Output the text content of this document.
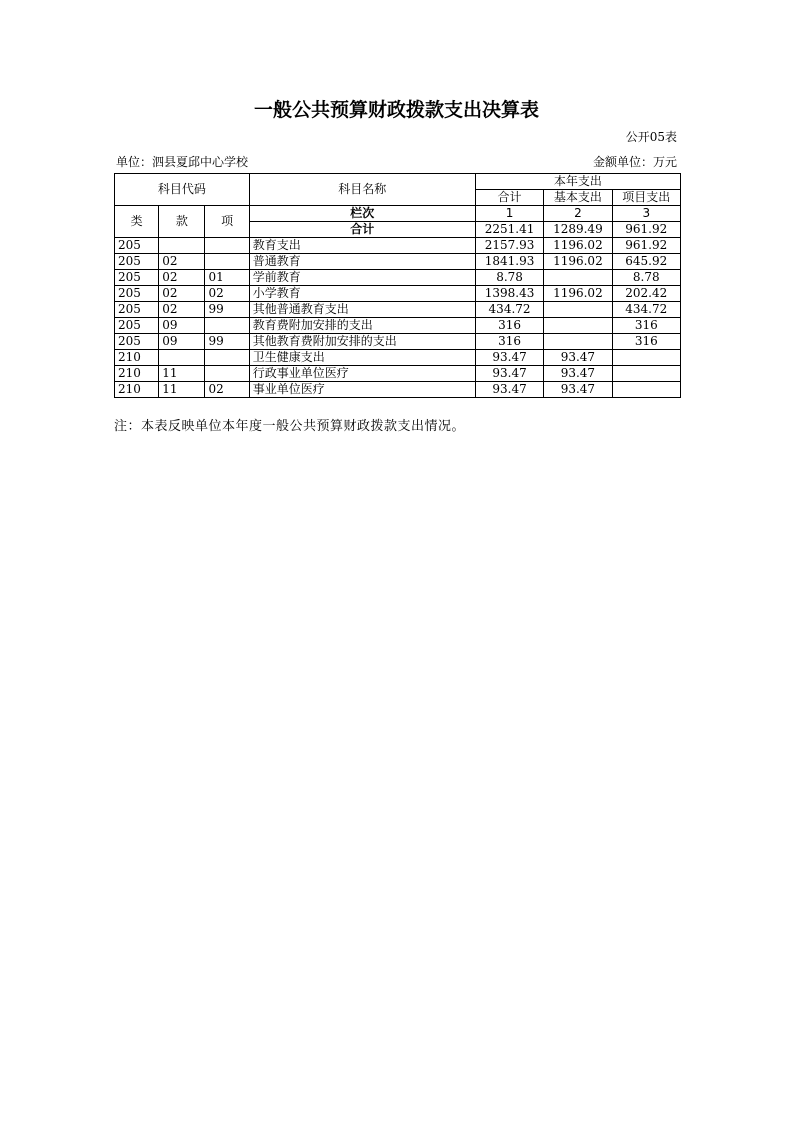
一般公共预算财政拨款支出决算表
公开05表
单位：泗县夏邱中心学校	金额单位：万元
科目代码			科目名称	本年支出		
				合计	基本支出	项目支出
类	款	项	栏次	1	2	3
			合计	2251.41	1289.49	961.92
205			教育支出	2157.93	1196.02	961.92
205	02		普通教育	1841.93	1196.02	645.92
205	02	01	学前教育	8.78		8.78
205	02	02	小学教育	1398.43	1196.02	202.42
205	02	99	其他普通教育支出	434.72		434.72
205	09		教育费附加安排的支出	316		316
205	09	99	其他教育费附加安排的支出	316		316
210			卫生健康支出	93.47	93.47	
210	11		行政事业单位医疗	93.47	93.47	
210	11	02	事业单位医疗	93.47	93.47	
注：本表反映单位本年度一般公共预算财政拨款支出情况。
